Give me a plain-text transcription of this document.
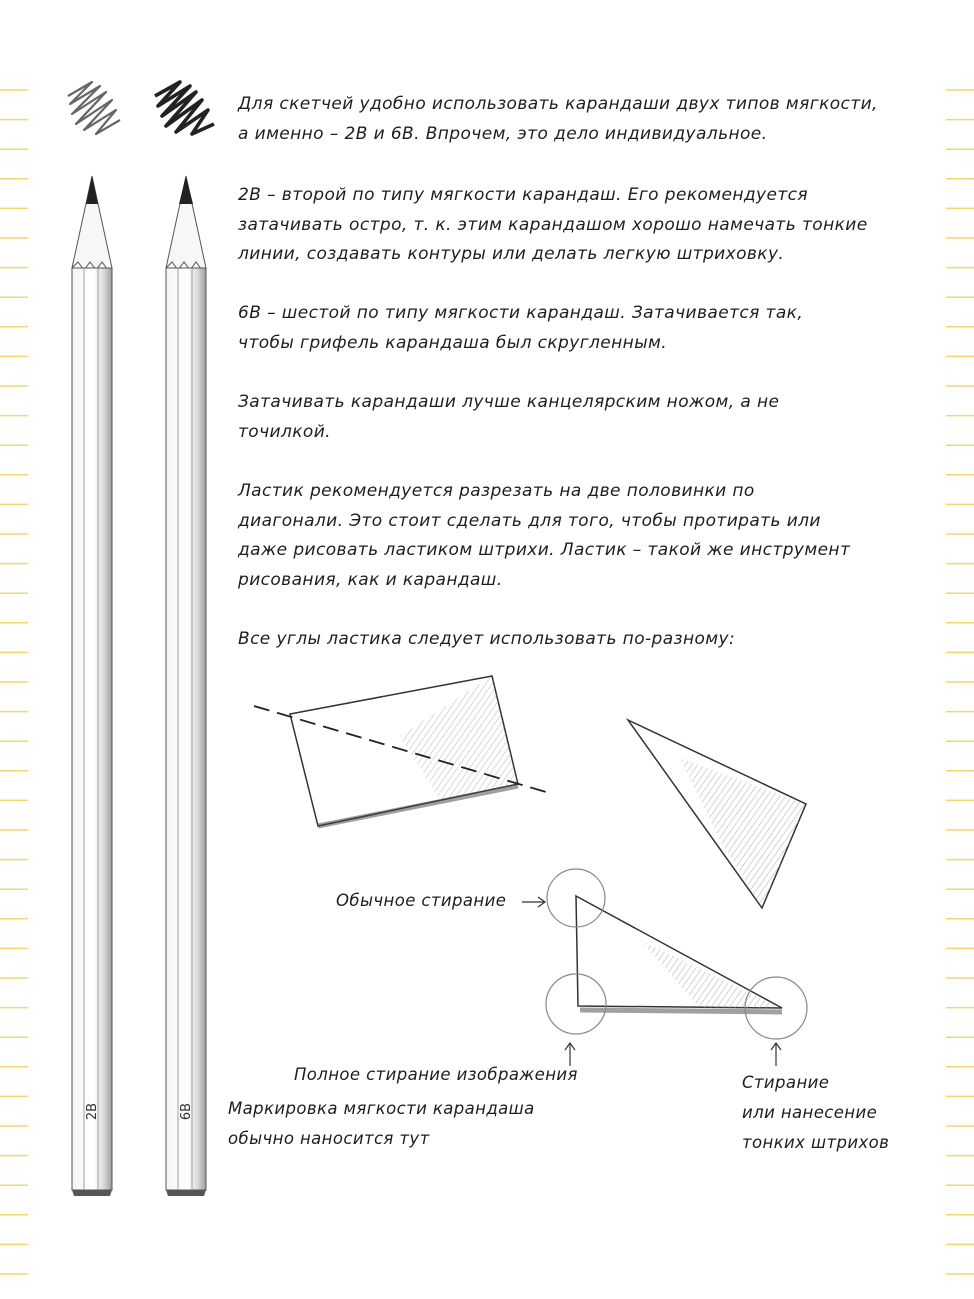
2B	6B
Для скетчей удобно использовать карандаши двух типов мягкости,
а именно – 2B и 6B. Впрочем, это дело индивидуальное.
2B – второй по типу мягкости карандаш. Его рекомендуется
затачивать остро, т. к. этим карандашом хорошо намечать тонкие
линии, создавать контуры или делать легкую штриховку.
6B – шестой по типу мягкости карандаш. Затачивается так,
чтобы грифель карандаша был скругленным.
Затачивать карандаши лучше канцелярским ножом, а не
точилкой.
Ластик рекомендуется разрезать на две половинки по
диагонали. Это стоит сделать для того, чтобы протирать или
даже рисовать ластиком штрихи. Ластик – такой же инструмент
рисования, как и карандаш.
Все углы ластика следует использовать по-разному:
Обычное стирание
Полное стирание изображения
Маркировка мягкости карандаша
обычно наносится тут
Стирание
или нанесение
тонких штрихов
